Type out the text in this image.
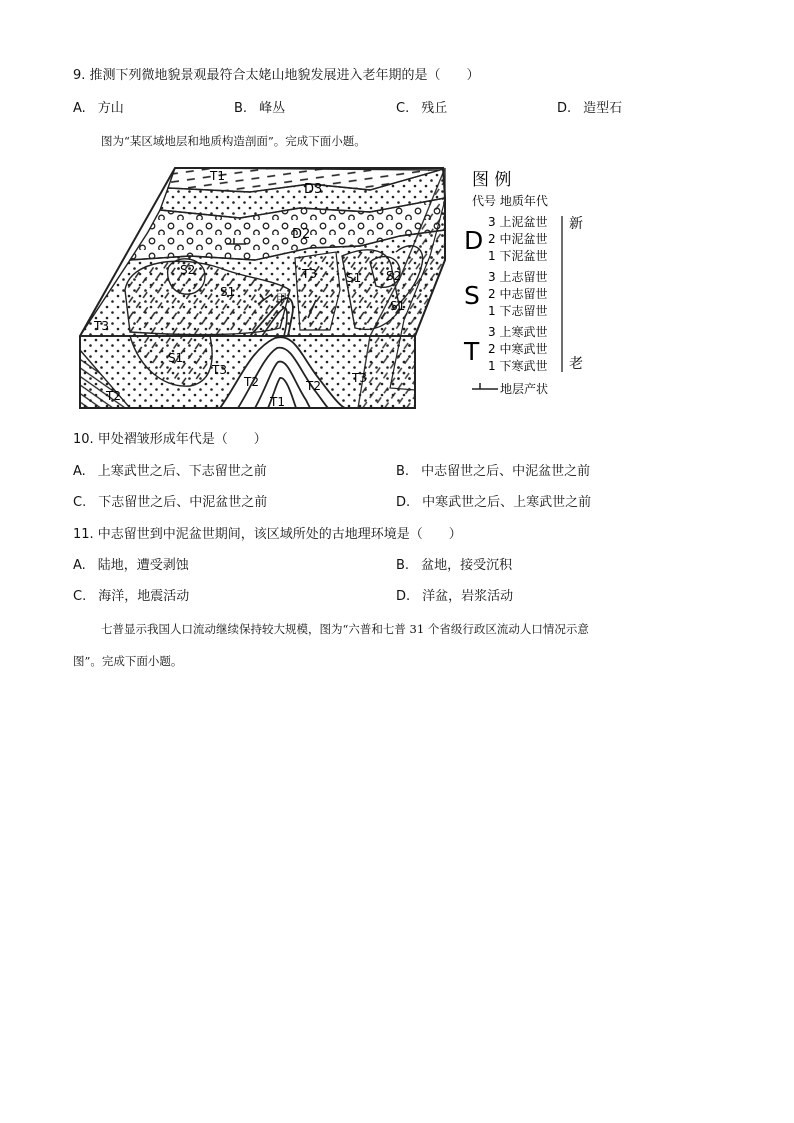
9. 推测下列微地貌景观最符合太姥山地貌发展进入老年期的是（　　）
A. 方山	B. 峰丛	C. 残丘	D. 造型石
图为“某区域地层和地质构造剖面”。完成下面小题。
T1
D3
D2
S2
S1
T3 S1 S2
S1
甲
T3
S1
T3
T2
T1
T2
T3
T2
图 例
代号 地质年代
D
3 上泥盆世
2 中泥盆世
1 下泥盆世
S
3 上志留世
2 中志留世
1 下志留世
T
3 上寒武世
2 中寒武世
1 下寒武世
新
老
地层产状
10. 甲处褶皱形成年代是（　　）
A. 上寒武世之后、下志留世之前	B. 中志留世之后、中泥盆世之前
C. 下志留世之后、中泥盆世之前	D. 中寒武世之后、上寒武世之前
11. 中志留世到中泥盆世期间，该区域所处的古地理环境是（　　）
A. 陆地，遭受剥蚀	B. 盆地，接受沉积
C. 海洋，地震活动	D. 洋盆，岩浆活动
七普显示我国人口流动继续保持较大规模，图为“六普和七普 31 个省级行政区流动人口情况示意
图”。完成下面小题。
